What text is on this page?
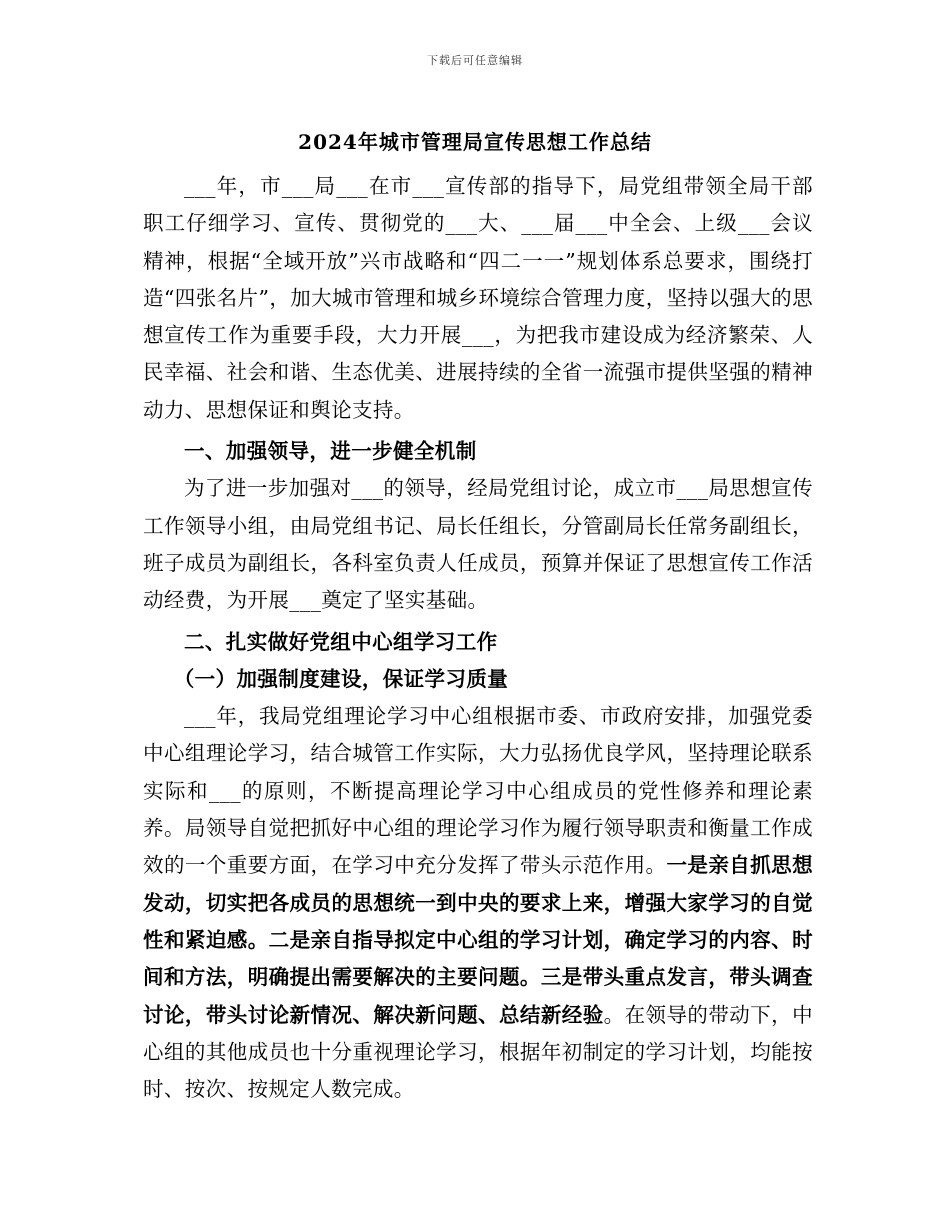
下载后可任意编辑
2024年城市管理局宣传思想工作总结

___年，市___局___在市___宣传部的指导下，局党组带领全局干部职工仔细学习、宣传、贯彻党的___大、___届___中全会、上级___会议精神，根据“全域开放”兴市战略和“四二一一”规划体系总要求，围绕打造“四张名片”，加大城市管理和城乡环境综合管理力度，坚持以强大的思想宣传工作为重要手段，大力开展___，为把我市建设成为经济繁荣、人民幸福、社会和谐、生态优美、进展持续的全省一流强市提供坚强的精神动力、思想保证和舆论支持。

一、加强领导，进一步健全机制

为了进一步加强对___的领导，经局党组讨论，成立市___局思想宣传工作领导小组，由局党组书记、局长任组长，分管副局长任常务副组长，班子成员为副组长，各科室负责人任成员，预算并保证了思想宣传工作活动经费，为开展___奠定了坚实基础。

二、扎实做好党组中心组学习工作

（一）加强制度建设，保证学习质量

___年，我局党组理论学习中心组根据市委、市政府安排，加强党委中心组理论学习，结合城管工作实际，大力弘扬优良学风，坚持理论联系实际和___的原则，不断提高理论学习中心组成员的党性修养和理论素养。局领导自觉把抓好中心组的理论学习作为履行领导职责和衡量工作成效的一个重要方面，在学习中充分发挥了带头示范作用。一是亲自抓思想发动，切实把各成员的思想统一到中央的要求上来，增强大家学习的自觉性和紧迫感。二是亲自指导拟定中心组的学习计划，确定学习的内容、时间和方法，明确提出需要解决的主要问题。三是带头重点发言，带头调查讨论，带头讨论新情况、解决新问题、总结新经验。在领导的带动下，中心组的其他成员也十分重视理论学习，根据年初制定的学习计划，均能按时、按次、按规定人数完成。
